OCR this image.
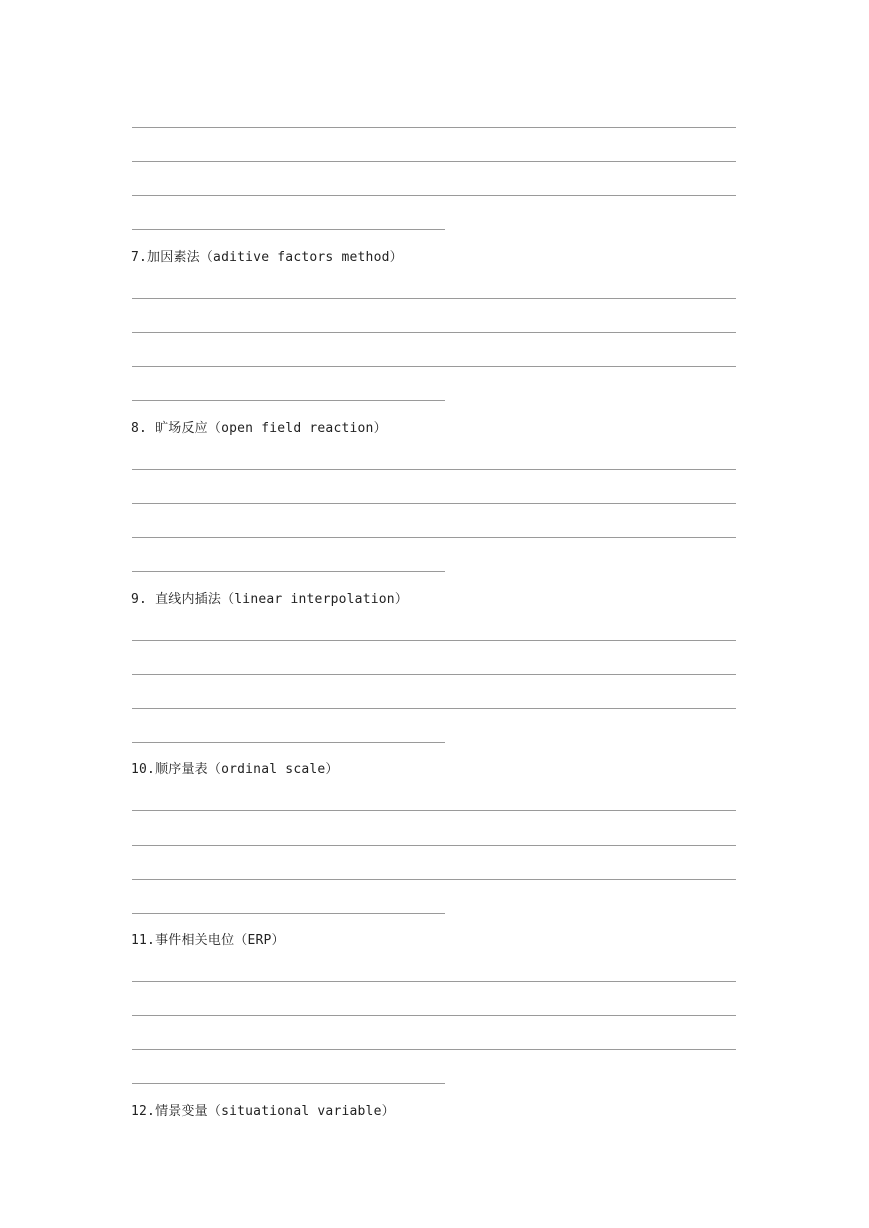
7.加因素法（aditive factors method）
8. 旷场反应（open field reaction）
9. 直线内插法（linear interpolation）
10.顺序量表（ordinal scale）
11.事件相关电位（ERP）
12.情景变量（situational variable）
